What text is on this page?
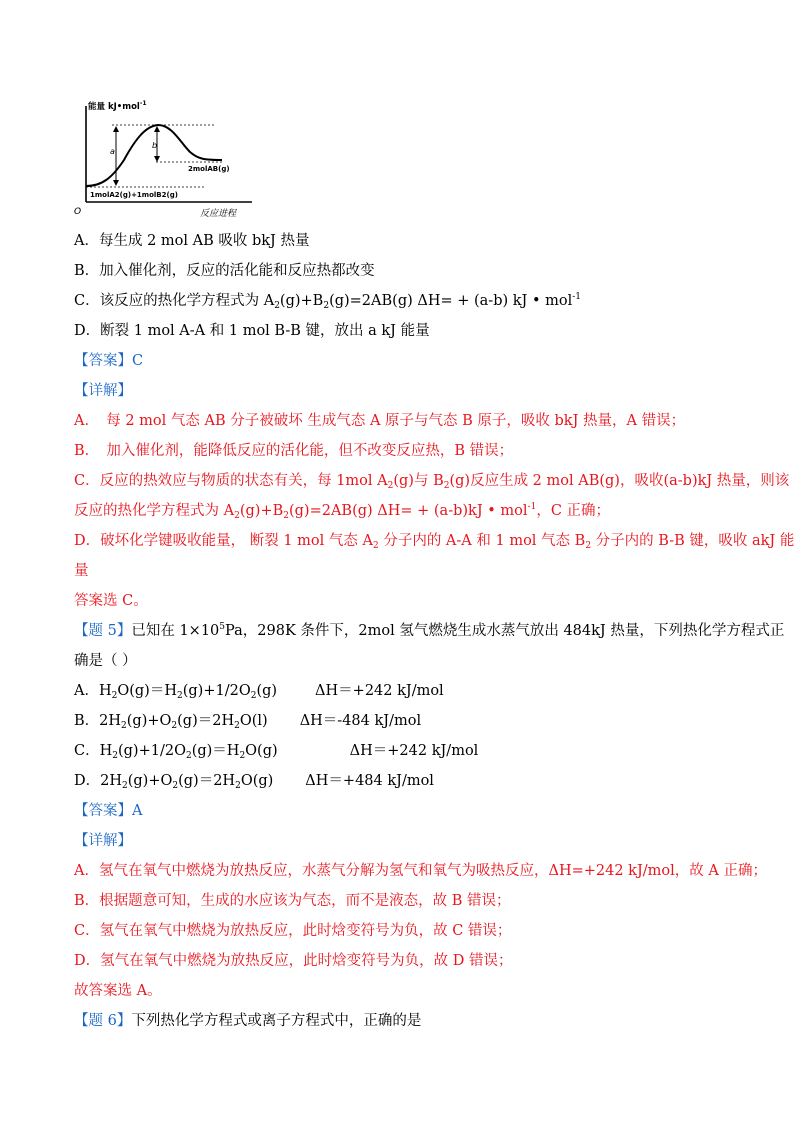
能量 kJ•mol$^{-1}$
O	反应进程
a
b
2molAB(g)
1molA2(g)+1molB2(g)
A．每生成 2 mol AB 吸收 bkJ 热量
B．加入催化剂，反应的活化能和反应热都改变
C．该反应的热化学方程式为 $A_2(g)+B_2(g)=2AB(g) \Delta H= + (a-b)$ kJ • mol$^{-1}$
D．断裂 1 mol A-A 和 1 mol B-B 键，放出 a kJ 能量
【答案】C
【详解】
A．　每 2 mol 气态 AB 分子被破坏 生成气态 A 原子与气态 B 原子，吸收 bkJ 热量，A 错误；
B．　加入催化剂，能降低反应的活化能，但不改变反应热，B 错误；
C．反应的热效应与物质的状态有关，每 1mol $A_2(g)$与 $B_2(g)$反应生成 2 mol AB(g)，吸收(a-b)kJ 热量，则该
反应的热化学方程式为 $A_2(g)+B_2(g)=2AB(g) \Delta H= + (a-b)kJ$ • mol$^{-1}$，C 正确；
D．破坏化学键吸收能量， 断裂 1 mol 气态 $A_2$ 分子内的 A-A 和 1 mol 气态 $B_2$ 分子内的 B-B 键，吸收 akJ 能
量
答案选 C。
【题 5】已知在 $1\times 10^5Pa$，298K 条件下，2mol 氢气燃烧生成水蒸气放出 484kJ 热量，下列热化学方程式正
确是（ ）
A．$H_2O(g)=H_2(g)+1/2O_2(g)$	ΔH＝+242 kJ/mol
B．$2H_2(g)+O_2(g)=2H_2O(l)$ ΔH＝-484 kJ/mol
C．$H_2(g)+1/2O_2(g)=H_2O(g)$	ΔH＝+242 kJ/mol
D．$2H_2(g)+O_2(g)=2H_2O(g)$ ΔH＝+484 kJ/mol
【答案】A
【详解】
A．氢气在氧气中燃烧为放热反应，水蒸气分解为氢气和氧气为吸热反应，ΔH=+242 kJ/mol，故 A 正确；
B．根据题意可知，生成的水应该为气态，而不是液态，故 B 错误；
C．氢气在氧气中燃烧为放热反应，此时焓变符号为负，故 C 错误；
D．氢气在氧气中燃烧为放热反应，此时焓变符号为负，故 D 错误；
故答案选 A。
【题 6】下列热化学方程式或离子方程式中，正确的是
